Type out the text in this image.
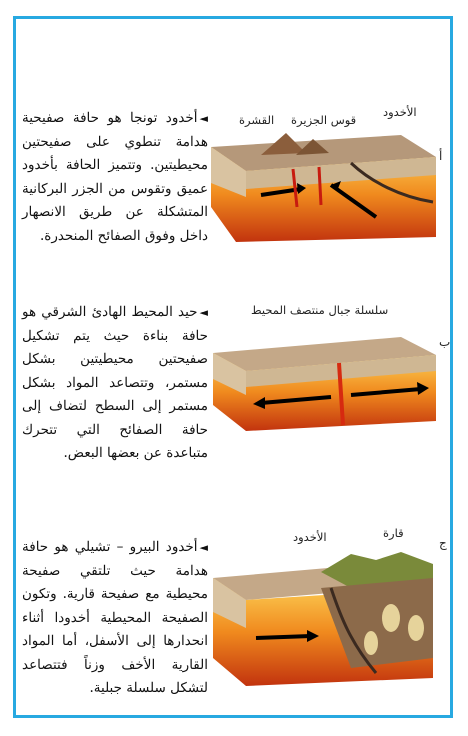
◄أخدود تونجا هو حافة صفيحية هدامة تنطوي على صفيحتين محيطيتين. وتتميز الحافة بأخدود عميق وتقوس من الجزر البركانية المتشكلة عن طريق الانصهار داخل وفوق الصفائح المنحدرة.
الأخدود
قوس الجزيرة
القشرة
أ
◄حيد المحيط الهادئ الشرقي هو حافة بناءة حيث يتم تشكيل صفيحتين محيطيتين بشكل مستمر، وتتصاعد المواد بشكل مستمر إلى السطح لتضاف إلى حافة الصفائح التي تتحرك متباعدة عن بعضها البعض.
سلسلة جبال منتصف المحيط
ب
◄أخدود البيرو – تشيلي هو حافة هدامة حيث تلتقي صفيحة محيطية مع صفيحة قارية. وتكون الصفيحة المحيطية أخدودا أثناء انحدارها إلى الأسفل، أما المواد القارية الأخف وزناً فتتصاعد لتشكل سلسلة جبلية.
الأخدود	قارة
ج
